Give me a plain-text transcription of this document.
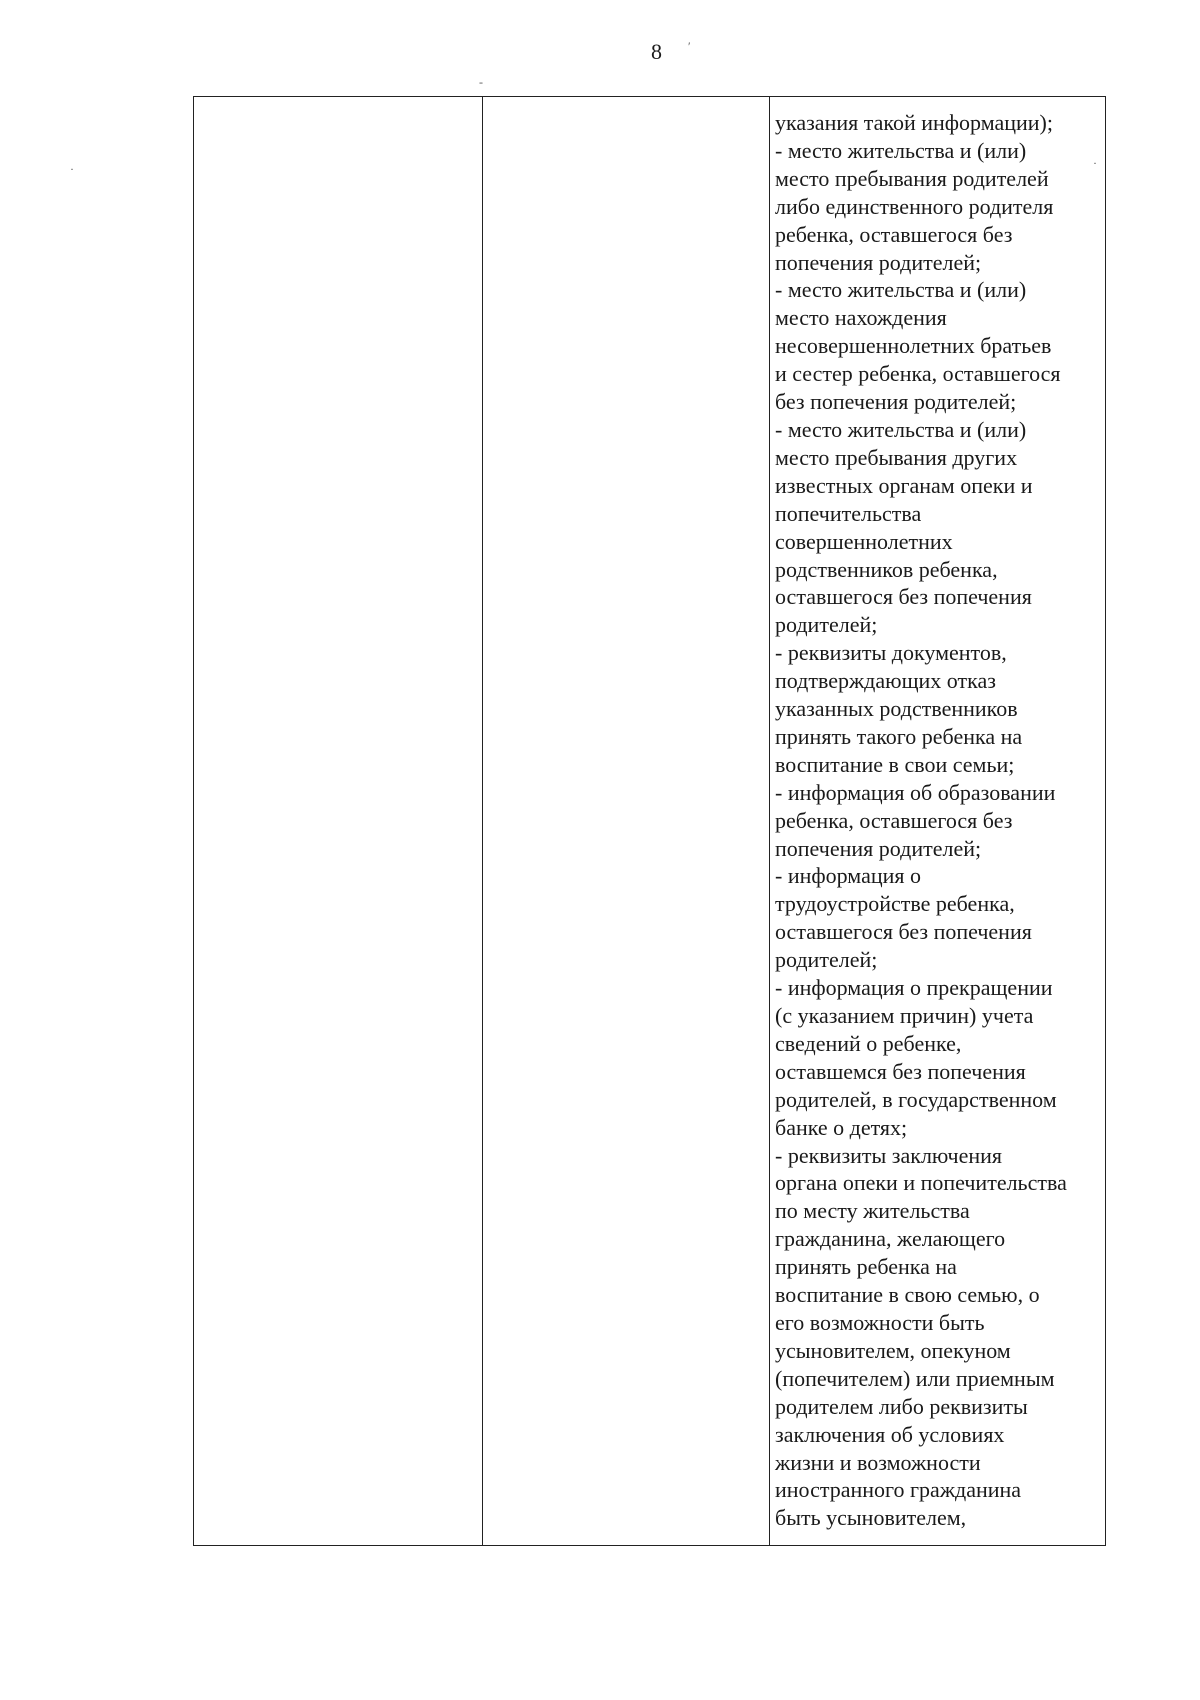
8 ′
-
·	·

указания такой информации);
- место жительства и (или)
место пребывания родителей
либо единственного родителя
ребенка, оставшегося без
попечения родителей;
- место жительства и (или)
место нахождения
несовершеннолетних братьев
и сестер ребенка, оставшегося
без попечения родителей;
- место жительства и (или)
место пребывания других
известных органам опеки и
попечительства
совершеннолетних
родственников ребенка,
оставшегося без попечения
родителей;
- реквизиты документов,
подтверждающих отказ
указанных родственников
принять такого ребенка на
воспитание в свои семьи;
- информация об образовании
ребенка, оставшегося без
попечения родителей;
- информация о
трудоустройстве ребенка,
оставшегося без попечения
родителей;
- информация о прекращении
(с указанием причин) учета
сведений о ребенке,
оставшемся без попечения
родителей, в государственном
банке о детях;
- реквизиты заключения
органа опеки и попечительства
по месту жительства
гражданина, желающего
принять ребенка на
воспитание в свою семью, о
его возможности быть
усыновителем, опекуном
(попечителем) или приемным
родителем либо реквизиты
заключения об условиях
жизни и возможности
иностранного гражданина
быть усыновителем,
